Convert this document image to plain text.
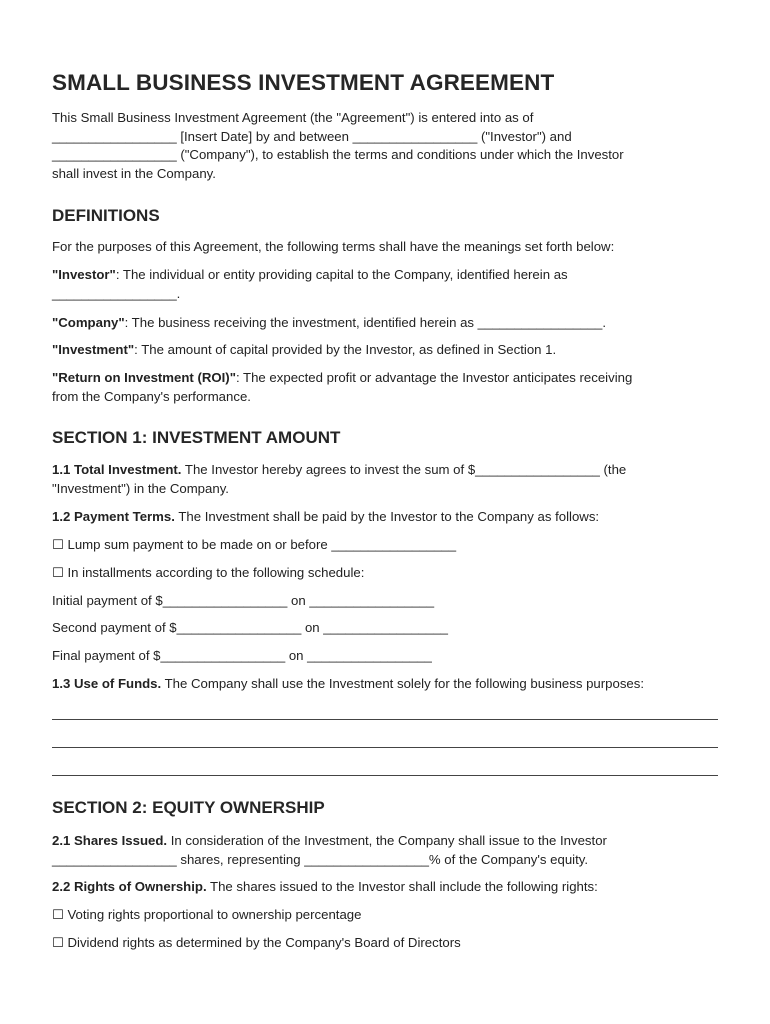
SMALL BUSINESS INVESTMENT AGREEMENT
This Small Business Investment Agreement (the "Agreement") is entered into as of
_________________ [Insert Date] by and between _________________ ("Investor") and
_________________ ("Company"), to establish the terms and conditions under which the Investor
shall invest in the Company.
DEFINITIONS
For the purposes of this Agreement, the following terms shall have the meanings set forth below:
"Investor": The individual or entity providing capital to the Company, identified herein as
_________________.
"Company": The business receiving the investment, identified herein as _________________.
"Investment": The amount of capital provided by the Investor, as defined in Section 1.
"Return on Investment (ROI)": The expected profit or advantage the Investor anticipates receiving
from the Company's performance.
SECTION 1: INVESTMENT AMOUNT
1.1 Total Investment. The Investor hereby agrees to invest the sum of $_________________ (the
"Investment") in the Company.
1.2 Payment Terms. The Investment shall be paid by the Investor to the Company as follows:
☐ Lump sum payment to be made on or before _________________
☐ In installments according to the following schedule:
Initial payment of $_________________ on _________________
Second payment of $_________________ on _________________
Final payment of $_________________ on _________________
1.3 Use of Funds. The Company shall use the Investment solely for the following business purposes:
SECTION 2: EQUITY OWNERSHIP
2.1 Shares Issued. In consideration of the Investment, the Company shall issue to the Investor
_________________ shares, representing _________________% of the Company's equity.
2.2 Rights of Ownership. The shares issued to the Investor shall include the following rights:
☐ Voting rights proportional to ownership percentage
☐ Dividend rights as determined by the Company's Board of Directors
